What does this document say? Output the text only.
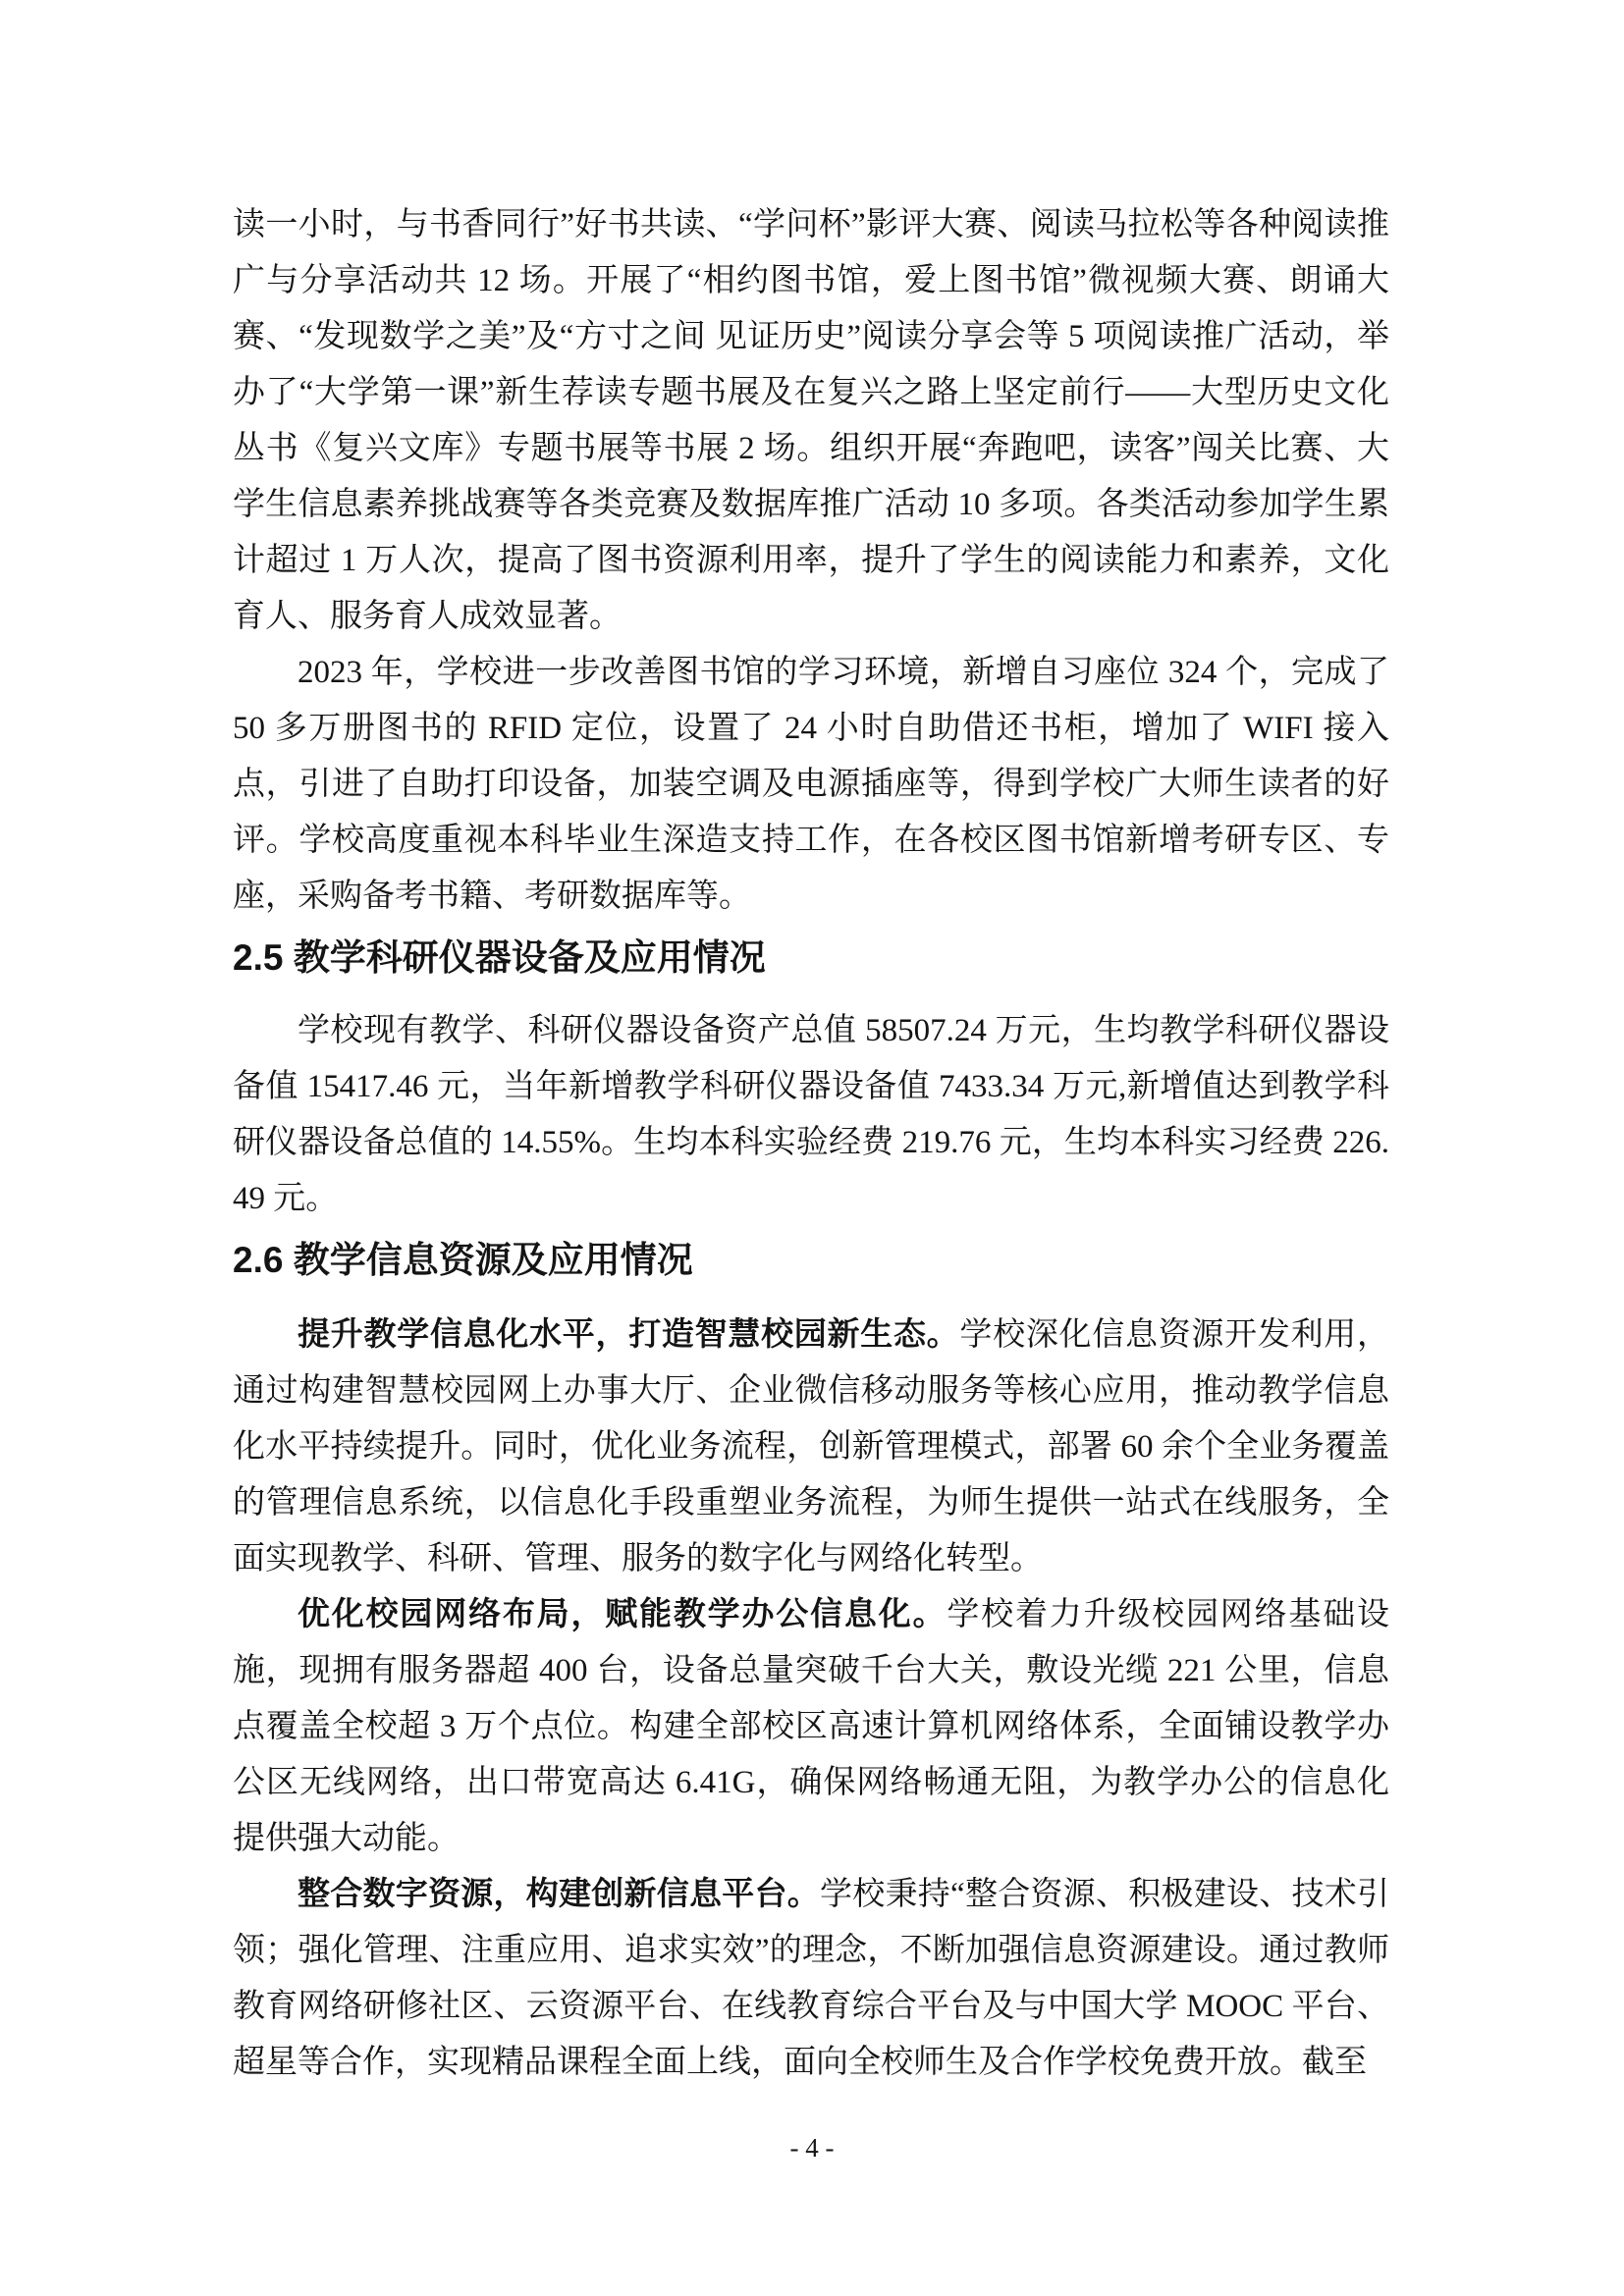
读一小时，与书香同行”好书共读、“学问杯”影评大赛、阅读马拉松等各种阅读推广与分享活动共 12 场。开展了“相约图书馆，爱上图书馆”微视频大赛、朗诵大赛、“发现数学之美”及“方寸之间 见证历史”阅读分享会等 5 项阅读推广活动，举办了“大学第一课”新生荐读专题书展及在复兴之路上坚定前行——大型历史文化丛书《复兴文库》专题书展等书展 2 场。组织开展“奔跑吧，读客”闯关比赛、大学生信息素养挑战赛等各类竞赛及数据库推广活动 10 多项。各类活动参加学生累计超过 1 万人次，提高了图书资源利用率，提升了学生的阅读能力和素养，文化育人、服务育人成效显著。

2023 年，学校进一步改善图书馆的学习环境，新增自习座位 324 个，完成了 50 多万册图书的 RFID 定位，设置了 24 小时自助借还书柜，增加了 WIFI 接入点，引进了自助打印设备，加装空调及电源插座等，得到学校广大师生读者的好评。学校高度重视本科毕业生深造支持工作，在各校区图书馆新增考研专区、专座，采购备考书籍、考研数据库等。

2.5 教学科研仪器设备及应用情况

学校现有教学、科研仪器设备资产总值 58507.24 万元，生均教学科研仪器设备值 15417.46 元，当年新增教学科研仪器设备值 7433.34 万元,新增值达到教学科研仪器设备总值的 14.55%。生均本科实验经费 219.76 元，生均本科实习经费 226.49 元。

2.6 教学信息资源及应用情况

提升教学信息化水平，打造智慧校园新生态。学校深化信息资源开发利用，通过构建智慧校园网上办事大厅、企业微信移动服务等核心应用，推动教学信息化水平持续提升。同时，优化业务流程，创新管理模式，部署 60 余个全业务覆盖的管理信息系统，以信息化手段重塑业务流程，为师生提供一站式在线服务，全面实现教学、科研、管理、服务的数字化与网络化转型。

优化校园网络布局，赋能教学办公信息化。学校着力升级校园网络基础设施，现拥有服务器超 400 台，设备总量突破千台大关，敷设光缆 221 公里，信息点覆盖全校超 3 万个点位。构建全部校区高速计算机网络体系，全面铺设教学办公区无线网络，出口带宽高达 6.41G，确保网络畅通无阻，为教学办公的信息化提供强大动能。

整合数字资源，构建创新信息平台。学校秉持“整合资源、积极建设、技术引领；强化管理、注重应用、追求实效”的理念，不断加强信息资源建设。通过教师教育网络研修社区、云资源平台、在线教育综合平台及与中国大学 MOOC 平台、超星等合作，实现精品课程全面上线，面向全校师生及合作学校免费开放。截至

- 4 -
